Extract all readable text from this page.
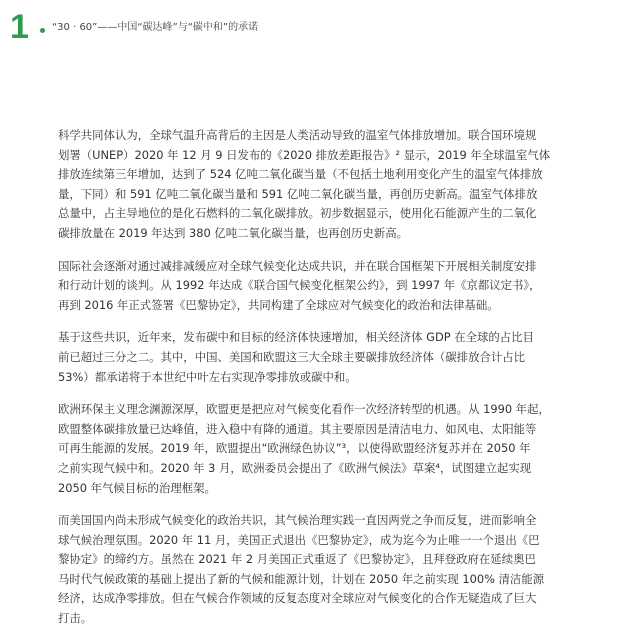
1 “30 · 60”——中国“碳达峰”与“碳中和”的承诺

科学共同体认为，全球气温升高背后的主因是人类活动导致的温室气体排放增加。联合国环境规
划署（UNEP）2020 年 12 月 9 日发布的《2020 排放差距报告》² 显示，2019 年全球温室气体
排放连续第三年增加，达到了 524 亿吨二氧化碳当量（不包括土地利用变化产生的温室气体排放
量，下同）和 591 亿吨二氧化碳当量和 591 亿吨二氧化碳当量，再创历史新高。温室气体排放
总量中，占主导地位的是化石燃料的二氧化碳排放。初步数据显示，使用化石能源产生的二氧化
碳排放量在 2019 年达到 380 亿吨二氧化碳当量，也再创历史新高。

国际社会逐渐对通过减排减缓应对全球气候变化达成共识，并在联合国框架下开展相关制度安排
和行动计划的谈判。从 1992 年达成《联合国气候变化框架公约》，到 1997 年《京都议定书》，
再到 2016 年正式签署《巴黎协定》，共同构建了全球应对气候变化的政治和法律基础。

基于这些共识，近年来，发布碳中和目标的经济体快速增加，相关经济体 GDP 在全球的占比目
前已超过三分之二。其中，中国、美国和欧盟这三大全球主要碳排放经济体（碳排放合计占比
53%）都承诺将于本世纪中叶左右实现净零排放或碳中和。

欧洲环保主义理念渊源深厚，欧盟更是把应对气候变化看作一次经济转型的机遇。从 1990 年起，
欧盟整体碳排放量已达峰值，进入稳中有降的通道。其主要原因是清洁电力、如风电、太阳能等
可再生能源的发展。2019 年，欧盟提出“欧洲绿色协议”³，以使得欧盟经济复苏并在 2050 年
之前实现气候中和。2020 年 3 月，欧洲委员会提出了《欧洲气候法》草案⁴，试图建立起实现
2050 年气候目标的治理框架。

而美国国内尚未形成气候变化的政治共识，其气候治理实践一直因两党之争而反复，进而影响全
球气候治理氛围。2020 年 11 月，美国正式退出《巴黎协定》，成为迄今为止唯一一个退出《巴
黎协定》的缔约方。虽然在 2021 年 2 月美国正式重返了《巴黎协定》，且拜登政府在延续奥巴
马时代气候政策的基础上提出了新的气候和能源计划，计划在 2050 年之前实现 100% 清洁能源
经济，达成净零排放。但在气候合作领域的反复态度对全球应对气候变化的合作无疑造成了巨大
打击。
